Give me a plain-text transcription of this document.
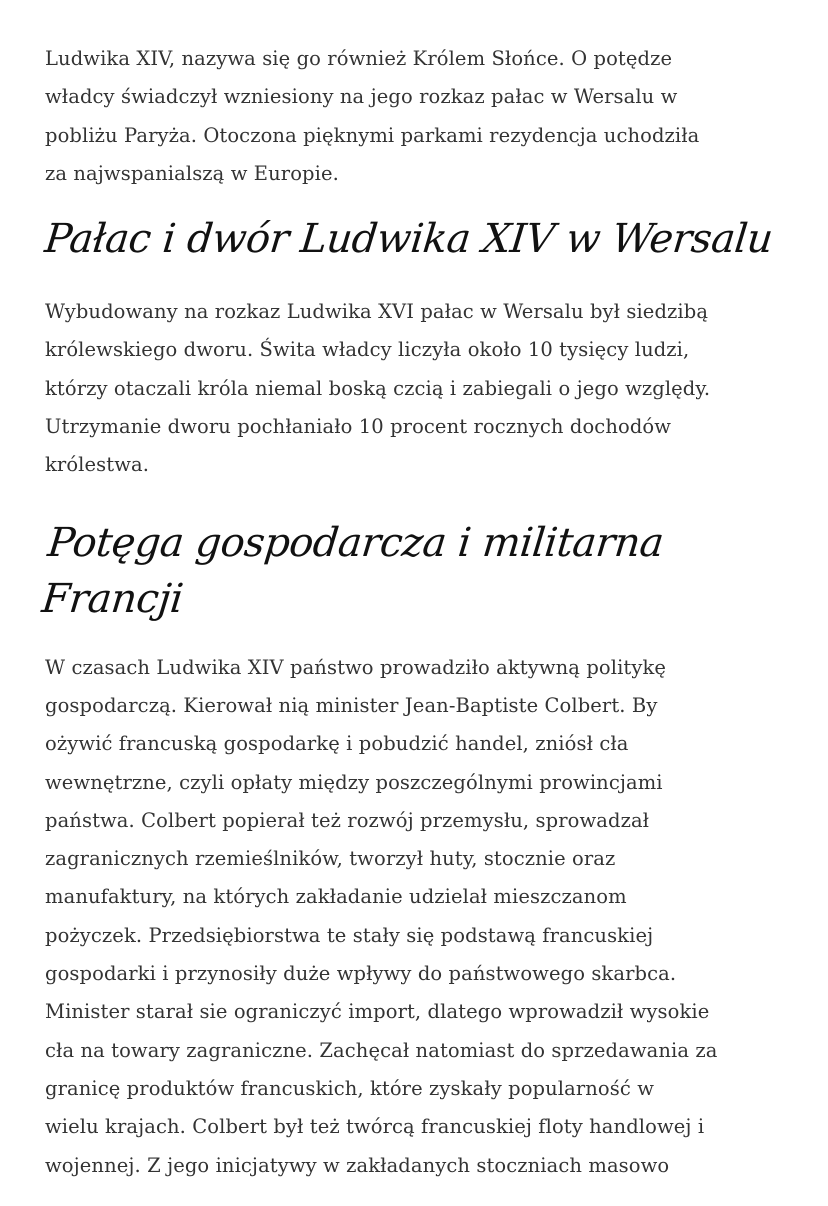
Ludwika XIV, nazywa się go również Królem Słońce. O potędze
władcy świadczył wzniesiony na jego rozkaz pałac w Wersalu w
pobliżu Paryża. Otoczona pięknymi parkami rezydencja uchodziła
za najwspanialszą w Europie.

Pałac i dwór Ludwika XIV w Wersalu

Wybudowany na rozkaz Ludwika XVI pałac w Wersalu był siedzibą
królewskiego dworu. Świta władcy liczyła około 10 tysięcy ludzi,
którzy otaczali króla niemal boską czcią i zabiegali o jego względy.
Utrzymanie dworu pochłaniało 10 procent rocznych dochodów
królestwa.

Potęga gospodarcza i militarna Francji

W czasach Ludwika XIV państwo prowadziło aktywną politykę
gospodarczą. Kierował nią minister Jean-Baptiste Colbert. By
ożywić francuską gospodarkę i pobudzić handel, zniósł cła
wewnętrzne, czyli opłaty między poszczególnymi prowincjami
państwa. Colbert popierał też rozwój przemysłu, sprowadzał
zagranicznych rzemieślników, tworzył huty, stocznie oraz
manufaktury, na których zakładanie udzielał mieszczanom
pożyczek. Przedsiębiorstwa te stały się podstawą francuskiej
gospodarki i przynosiły duże wpływy do państwowego skarbca.
Minister starał sie ograniczyć import, dlatego wprowadził wysokie
cła na towary zagraniczne. Zachęcał natomiast do sprzedawania za
granicę produktów francuskich, które zyskały popularność w
wielu krajach. Colbert był też twórcą francuskiej floty handlowej i
wojennej. Z jego inicjatywy w zakładanych stoczniach masowo
